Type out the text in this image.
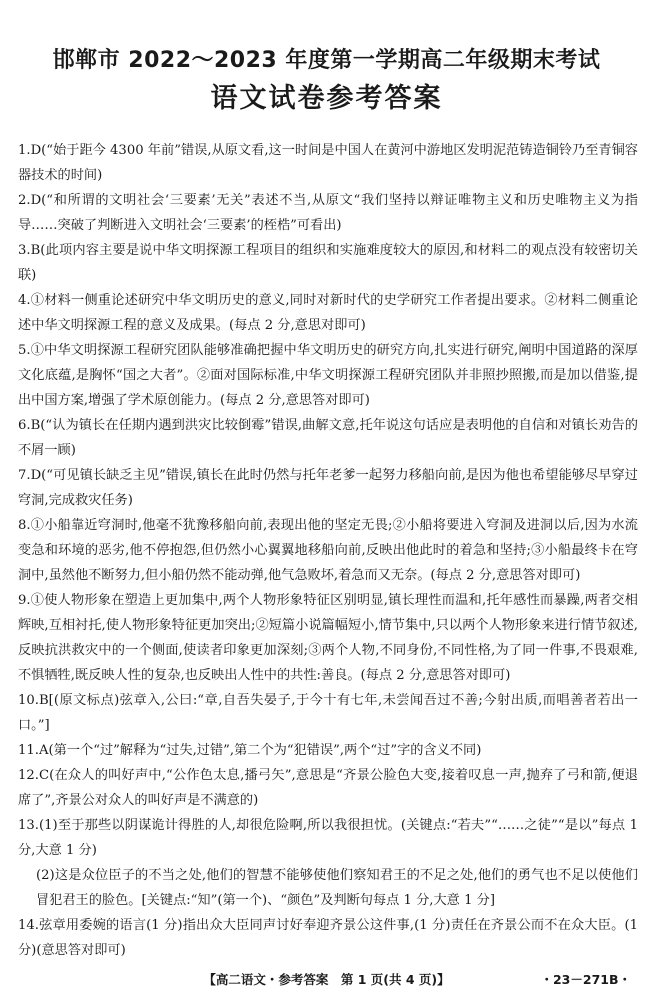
邯郸市 2022～2023 年度第一学期高二年级期末考试

语文试卷参考答案

1.D(“始于距今 4300 年前”错误,从原文看,这一时间是中国人在黄河中游地区发明泥范铸造铜铃乃至青铜容器技术的时间)
2.D(“和所谓的文明社会‘三要素’无关”表述不当,从原文“我们坚持以辩证唯物主义和历史唯物主义为指导……突破了判断进入文明社会‘三要素’的桎梏”可看出)
3.B(此项内容主要是说中华文明探源工程项目的组织和实施难度较大的原因,和材料二的观点没有较密切关联)
4.①材料一侧重论述研究中华文明历史的意义,同时对新时代的史学研究工作者提出要求。②材料二侧重论述中华文明探源工程的意义及成果。(每点 2 分,意思对即可)
5.①中华文明探源工程研究团队能够准确把握中华文明历史的研究方向,扎实进行研究,阐明中国道路的深厚文化底蕴,是胸怀“国之大者”。②面对国际标准,中华文明探源工程研究团队并非照抄照搬,而是加以借鉴,提出中国方案,增强了学术原创能力。(每点 2 分,意思答对即可)
6.B(“认为镇长在任期内遇到洪灾比较倒霉”错误,曲解文意,托年说这句话应是表明他的自信和对镇长劝告的不屑一顾)
7.D(“可见镇长缺乏主见”错误,镇长在此时仍然与托年老爹一起努力移船向前,是因为他也希望能够尽早穿过穹洞,完成救灾任务)
8.①小船靠近穹洞时,他毫不犹豫移船向前,表现出他的坚定无畏;②小船将要进入穹洞及进洞以后,因为水流变急和环境的恶劣,他不停抱怨,但仍然小心翼翼地移船向前,反映出他此时的着急和坚持;③小船最终卡在穹洞中,虽然他不断努力,但小船仍然不能动弹,他气急败坏,着急而又无奈。(每点 2 分,意思答对即可)
9.①使人物形象在塑造上更加集中,两个人物形象特征区别明显,镇长理性而温和,托年感性而暴躁,两者交相辉映,互相衬托,使人物形象特征更加突出;②短篇小说篇幅短小,情节集中,只以两个人物形象来进行情节叙述,反映抗洪救灾中的一个侧面,使读者印象更加深刻;③两个人物,不同身份,不同性格,为了同一件事,不畏艰难,不惧牺牲,既反映人性的复杂,也反映出人性中的共性:善良。(每点 2 分,意思答对即可)
10.B[(原文标点)弦章入,公曰:“章,自吾失晏子,于今十有七年,未尝闻吾过不善;今射出质,而唱善者若出一口。”]
11.A(第一个“过”解释为“过失,过错”,第二个为“犯错误”,两个“过”字的含义不同)
12.C(在众人的叫好声中,“公作色太息,播弓矢”,意思是“齐景公脸色大变,接着叹息一声,抛弃了弓和箭,便退席了”,齐景公对众人的叫好声是不满意的)
13.(1)至于那些以阴谋诡计得胜的人,却很危险啊,所以我很担忧。(关键点:“若夫”“……之徒”“是以”每点 1 分,大意 1 分)
(2)这是众位臣子的不当之处,他们的智慧不能够使他们察知君王的不足之处,他们的勇气也不足以使他们冒犯君王的脸色。[关键点:“知”(第一个)、“颜色”及判断句每点 1 分,大意 1 分]
14.弦章用委婉的语言(1 分)指出众大臣同声讨好奉迎齐景公这件事,(1 分)责任在齐景公而不在众大臣。(1 分)(意思答对即可)
【高二语文・参考答案　第 1 页(共 4 页)】	・23－271B・
